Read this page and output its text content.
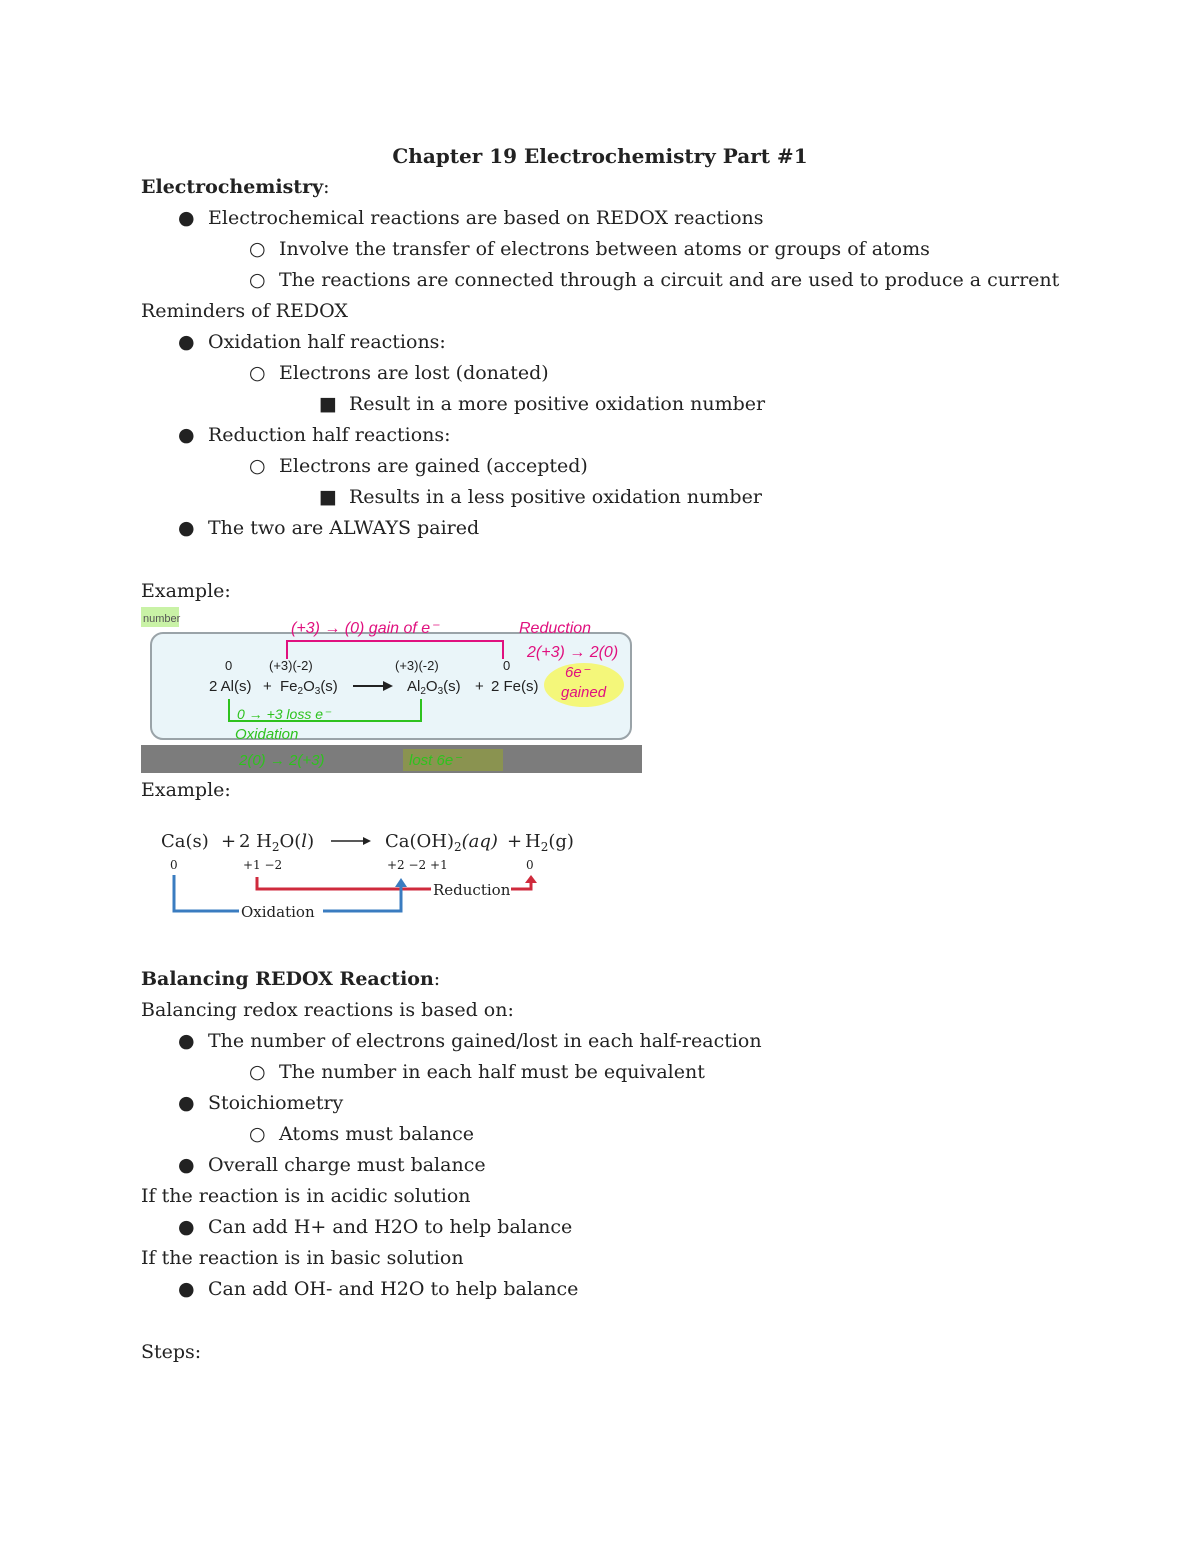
Chapter 19 Electrochemistry Part #1
Electrochemistry:
● Electrochemical reactions are based on REDOX reactions
○ Involve the transfer of electrons between atoms or groups of atoms
○ The reactions are connected through a circuit and are used to produce a current
Reminders of REDOX
● Oxidation half reactions:
○ Electrons are lost (donated)
■ Result in a more positive oxidation number
● Reduction half reactions:
○ Electrons are gained (accepted)
■ Results in a less positive oxidation number
● The two are ALWAYS paired
Example:
number
(+3) → (0) gain of e⁻	Reduction
2(+3) → 2(0)
6e⁻
gained
0	(+3)(-2)	(+3)(-2)	0
2 $Al(s) + Fe_2O_3(s)$	$Al_2O_3(s) + 2$ Fe(s)
0 → +3 loss e⁻
Oxidation
2(0) → 2(+3)	lost 6e⁻
Example:
Ca(s) + 2 $H_2O(l)$	$Ca(OH)_2(aq) + H_2(g)$
0	+1 −2	+2 −2 +1	0
Reduction
Oxidation
Balancing REDOX Reaction:
Balancing redox reactions is based on:
● The number of electrons gained/lost in each half-reaction
○ The number in each half must be equivalent
● Stoichiometry
○ Atoms must balance
● Overall charge must balance
If the reaction is in acidic solution
● Can add H+ and H2O to help balance
If the reaction is in basic solution
● Can add OH- and H2O to help balance
Steps:
